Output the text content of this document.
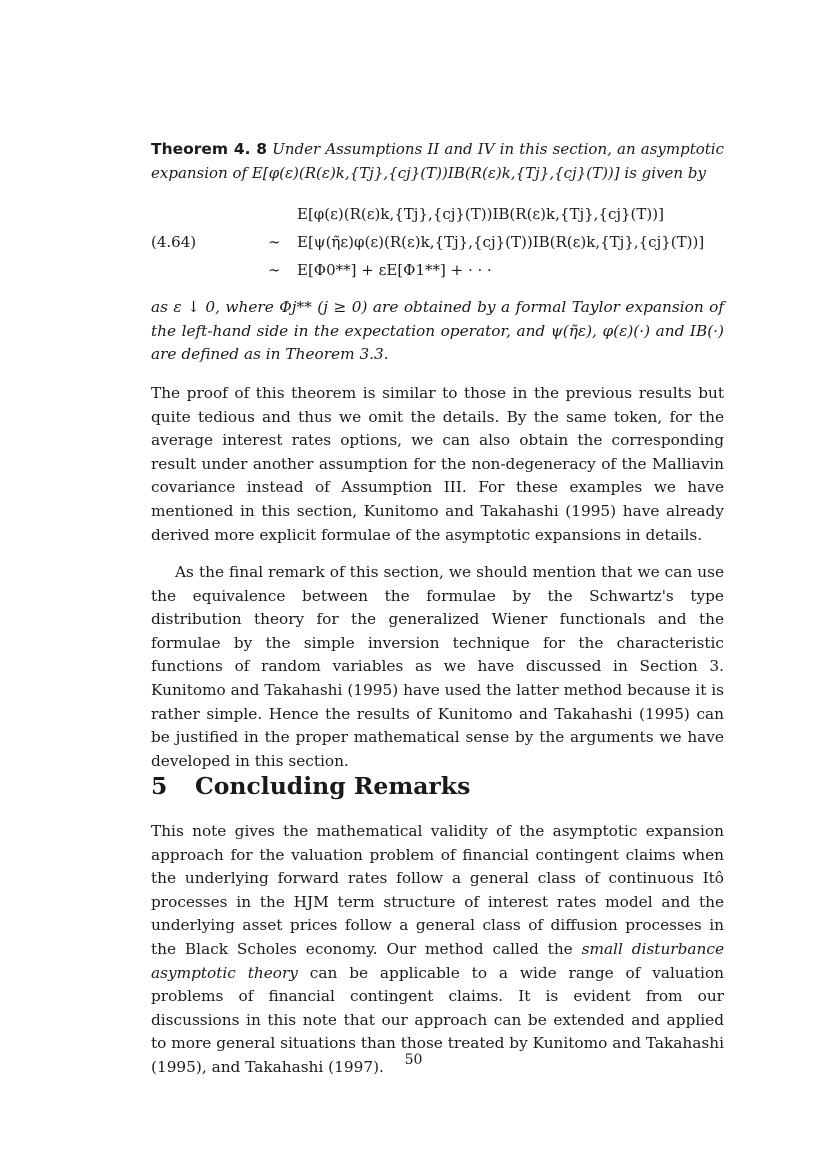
Theorem 4. 8 Under Assumptions II and IV in this section, an asymptotic expansion of E[φ(ε)(R(ε)k,{Tj},{cj}(T))IB(R(ε)k,{Tj},{cj}(T))] is given by
E[φ(ε)(R(ε)k,{Tj},{cj}(T))IB(R(ε)k,{Tj},{cj}(T))]
(4.64)	∼ E[ψ(η̃ε)φ(ε)(R(ε)k,{Tj},{cj}(T))IB(R(ε)k,{Tj},{cj}(T))]
∼ E[Φ0**] + εE[Φ1**] + · · ·

as ε ↓ 0, where Φj** (j ≥ 0) are obtained by a formal Taylor expansion of the left-hand side in the expectation operator, and ψ(η̃ε), φ(ε)(·) and IB(·) are defined as in Theorem 3.3.

The proof of this theorem is similar to those in the previous results but quite tedious and thus we omit the details. By the same token, for the average interest rates options, we can also obtain the corresponding result under another assumption for the non-degeneracy of the Malliavin covariance instead of Assumption III. For these examples we have mentioned in this section, Kunitomo and Takahashi (1995) have already derived more explicit formulae of the asymptotic expansions in details.

As the final remark of this section, we should mention that we can use the equivalence between the formulae by the Schwartz's type distribution theory for the generalized Wiener functionals and the formulae by the simple inversion technique for the characteristic functions of random variables as we have discussed in Section 3. Kunitomo and Takahashi (1995) have used the latter method because it is rather simple. Hence the results of Kunitomo and Takahashi (1995) can be justified in the proper mathematical sense by the arguments we have developed in this section.

5 Concluding Remarks

This note gives the mathematical validity of the asymptotic expansion approach for the valuation problem of financial contingent claims when the underlying forward rates follow a general class of continuous Itô processes in the HJM term structure of interest rates model and the underlying asset prices follow a general class of diffusion processes in the Black Scholes economy. Our method called the small disturbance asymptotic theory can be applicable to a wide range of valuation problems of financial contingent claims. It is evident from our discussions in this note that our approach can be extended and applied to more general situations than those treated by Kunitomo and Takahashi (1995), and Takahashi (1997).	50
